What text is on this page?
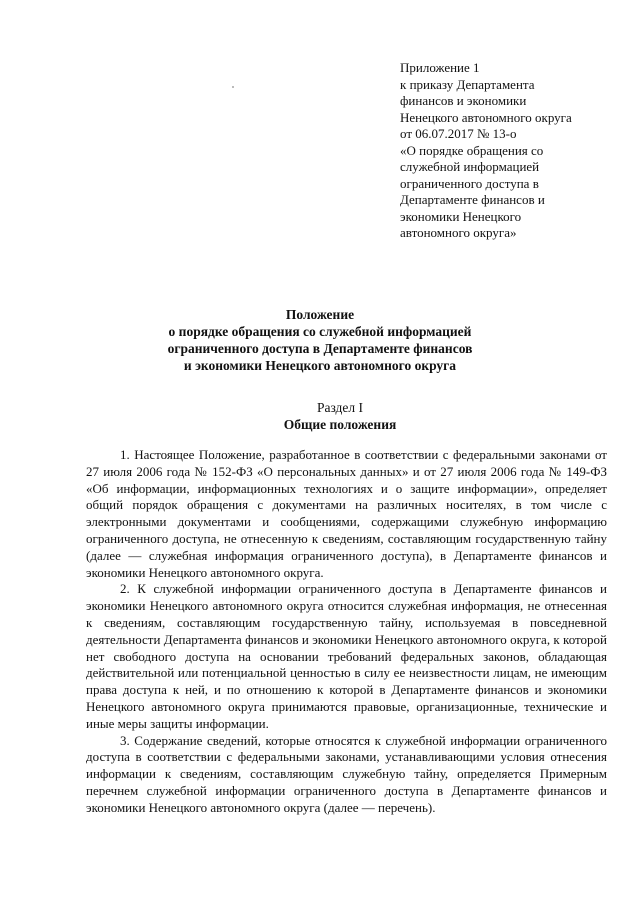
Приложение 1
к приказу Департамента
финансов и экономики
Ненецкого автономного округа
от 06.07.2017 № 13-о
«О порядке обращения со
служебной информацией
ограниченного доступа в
Департаменте финансов и
экономики Ненецкого
автономного округа»
Положение
о порядке обращения со служебной информацией
ограниченного доступа в Департаменте финансов
и экономики Ненецкого автономного округа
Раздел I
Общие положения

1. Настоящее Положение, разработанное в соответствии с федеральными законами от 27 июля 2006 года № 152-ФЗ «О персональных данных» и от 27 июля 2006 года № 149-ФЗ «Об информации, информационных технологиях и о защите информации», определяет общий порядок обращения с документами на различных носителях, в том числе с электронными документами и сообщениями, содержащими служебную информацию ограниченного доступа, не отнесенную к сведениям, составляющим государственную тайну (далее — служебная информация ограниченного доступа), в Департаменте финансов и экономики Ненецкого автономного округа.

2. К служебной информации ограниченного доступа в Департаменте финансов и экономики Ненецкого автономного округа относится служебная информация, не отнесенная к сведениям, составляющим государственную тайну, используемая в повседневной деятельности Департамента финансов и экономики Ненецкого автономного округа, к которой нет свободного доступа на основании требований федеральных законов, обладающая действительной или потенциальной ценностью в силу ее неизвестности лицам, не имеющим права доступа к ней, и по отношению к которой в Департаменте финансов и экономики Ненецкого автономного округа принимаются правовые, организационные, технические и иные меры защиты информации.

3. Содержание сведений, которые относятся к служебной информации ограниченного доступа в соответствии с федеральными законами, устанавливающими условия отнесения информации к сведениям, составляющим служебную тайну, определяется Примерным перечнем служебной информации ограниченного доступа в Департаменте финансов и экономики Ненецкого автономного округа (далее — перечень).
